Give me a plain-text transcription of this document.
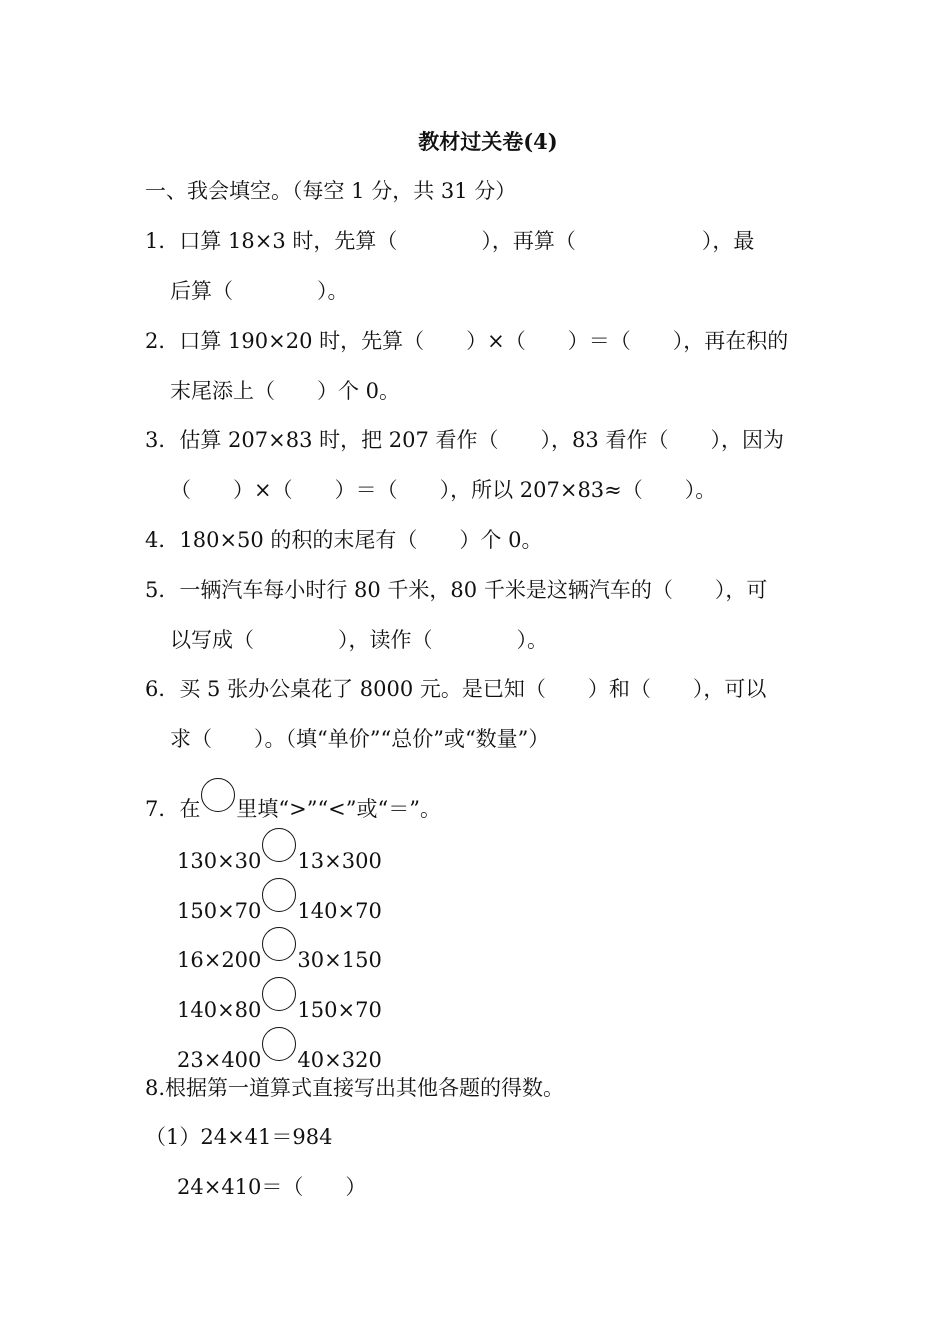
教材过关卷(4)
一、我会填空。（每空 1 分，共 31 分）
1．口算 18×3 时，先算（　　　　），再算（　　　　　　），最
后算（　　　　）。
2．口算 190×20 时，先算（　　）×（　　）＝（　　），再在积的
末尾添上（　　）个 0。
3．估算 207×83 时，把 207 看作（　　），83 看作（　　），因为
（　　）×（　　）＝（　　），所以 207×83≈（　　）。
4．180×50 的积的末尾有（　　）个 0。
5．一辆汽车每小时行 80 千米，80 千米是这辆汽车的（　　），可
以写成（　　　　），读作（　　　　）。
6．买 5 张办公桌花了 8000 元。是已知（　　）和（　　），可以
求（　　）。（填“单价”“总价”或“数量”）
7．在 里填“>”“<”或“＝”。
130×30 13×300
150×70 140×70
16×200 30×150
140×80 150×70
23×400 40×320
8.根据第一道算式直接写出其他各题的得数。
（1）24×41＝984
24×410＝（　　）
